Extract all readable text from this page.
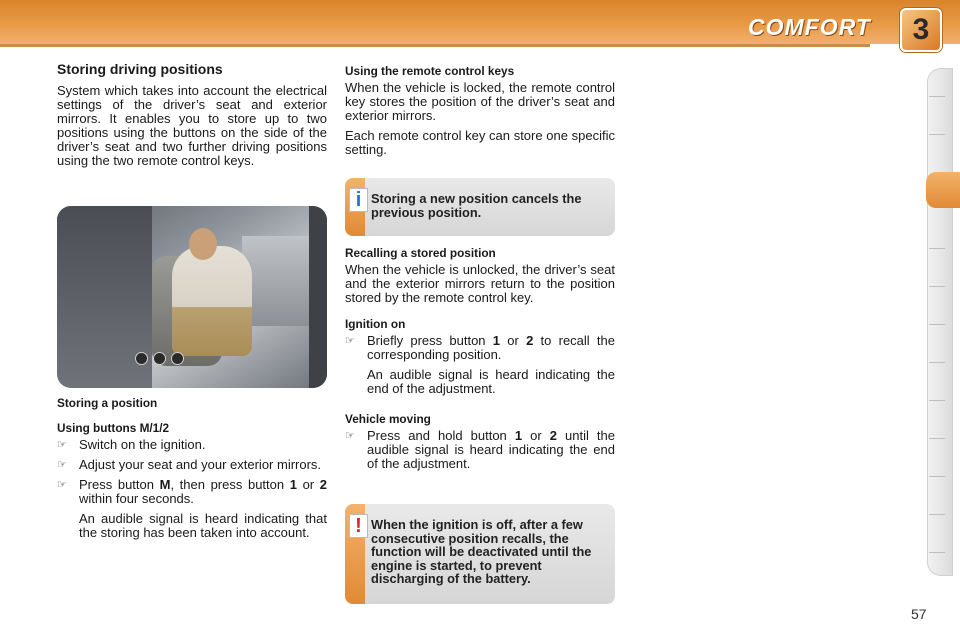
COMFORT	3
Storing driving positions

System which takes into account the electrical settings of the driver’s seat and exterior mirrors. It enables you to store up to two positions using the buttons on the side of the driver’s seat and two further driving positions using the two remote control keys.

Storing a position
Using buttons M/1/2
☞ Switch on the ignition.
☞ Adjust your seat and your exterior mirrors.
☞ Press button M, then press button 1 or 2 within four seconds.

An audible signal is heard indicating that the storing has been taken into account.

Using the remote control keys

When the vehicle is locked, the remote control key stores the position of the driver’s seat and exterior mirrors.

Each remote control key can store one specific setting.

i Storing a new position cancels the previous position.
Recalling a stored position

When the vehicle is unlocked, the driver’s seat and the exterior mirrors return to the position stored by the remote control key.

Ignition on
☞ Briefly press button 1 or 2 to recall the corresponding position.

An audible signal is heard indicating the end of the adjustment.

Vehicle moving
☞ Press and hold button 1 or 2 until the audible signal is heard indicating the end of the adjustment.
! When the ignition is off, after a few consecutive position recalls, the function will be deactivated until the engine is started, to prevent discharging of the battery.
57
